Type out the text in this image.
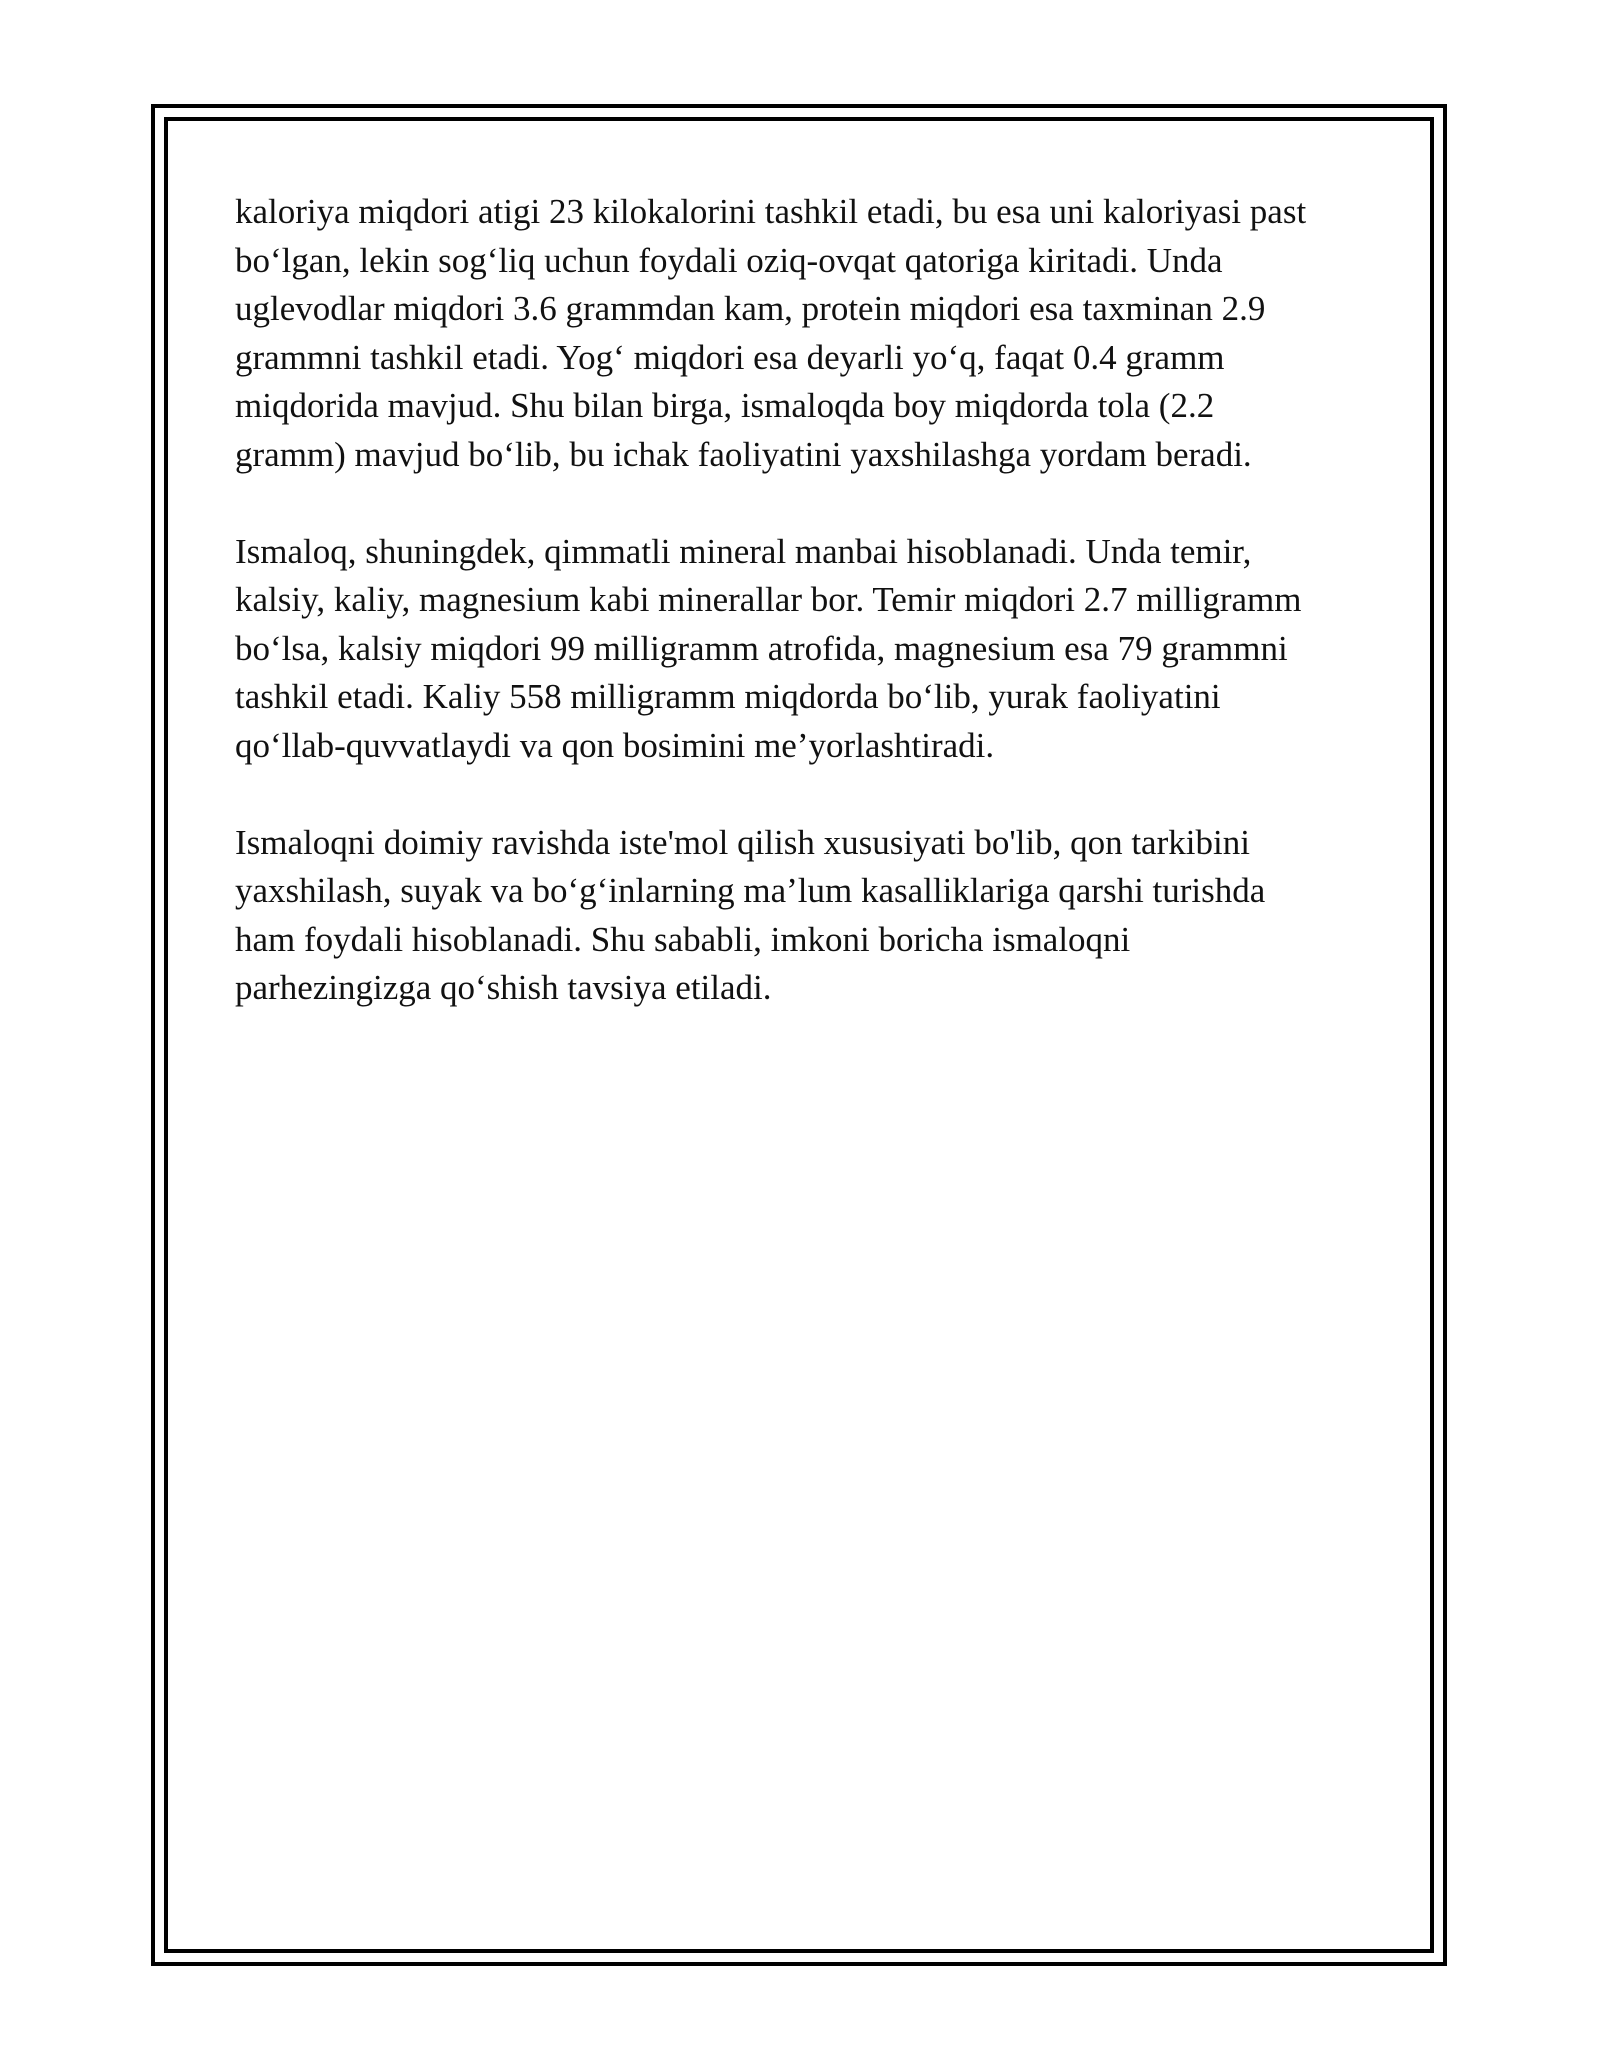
kaloriya miqdori atigi 23 kilokalorini tashkil etadi, bu esa uni kaloriyasi past
bo‘lgan, lekin sog‘liq uchun foydali oziq-ovqat qatoriga kiritadi. Unda
uglevodlar miqdori 3.6 grammdan kam, protein miqdori esa taxminan 2.9
grammni tashkil etadi. Yog‘ miqdori esa deyarli yo‘q, faqat 0.4 gramm
miqdorida mavjud. Shu bilan birga, ismaloqda boy miqdorda tola (2.2
gramm) mavjud bo‘lib, bu ichak faoliyatini yaxshilashga yordam beradi.

Ismaloq, shuningdek, qimmatli mineral manbai hisoblanadi. Unda temir,
kalsiy, kaliy, magnesium kabi minerallar bor. Temir miqdori 2.7 milligramm
bo‘lsa, kalsiy miqdori 99 milligramm atrofida, magnesium esa 79 grammni
tashkil etadi. Kaliy 558 milligramm miqdorda bo‘lib, yurak faoliyatini
qo‘llab-quvvatlaydi va qon bosimini me’yorlashtiradi.

Ismaloqni doimiy ravishda iste'mol qilish xususiyati bo'lib, qon tarkibini
yaxshilash, suyak va bo‘g‘inlarning ma’lum kasalliklariga qarshi turishda
ham foydali hisoblanadi. Shu sababli, imkoni boricha ismaloqni
parhezingizga qo‘shish tavsiya etiladi.
